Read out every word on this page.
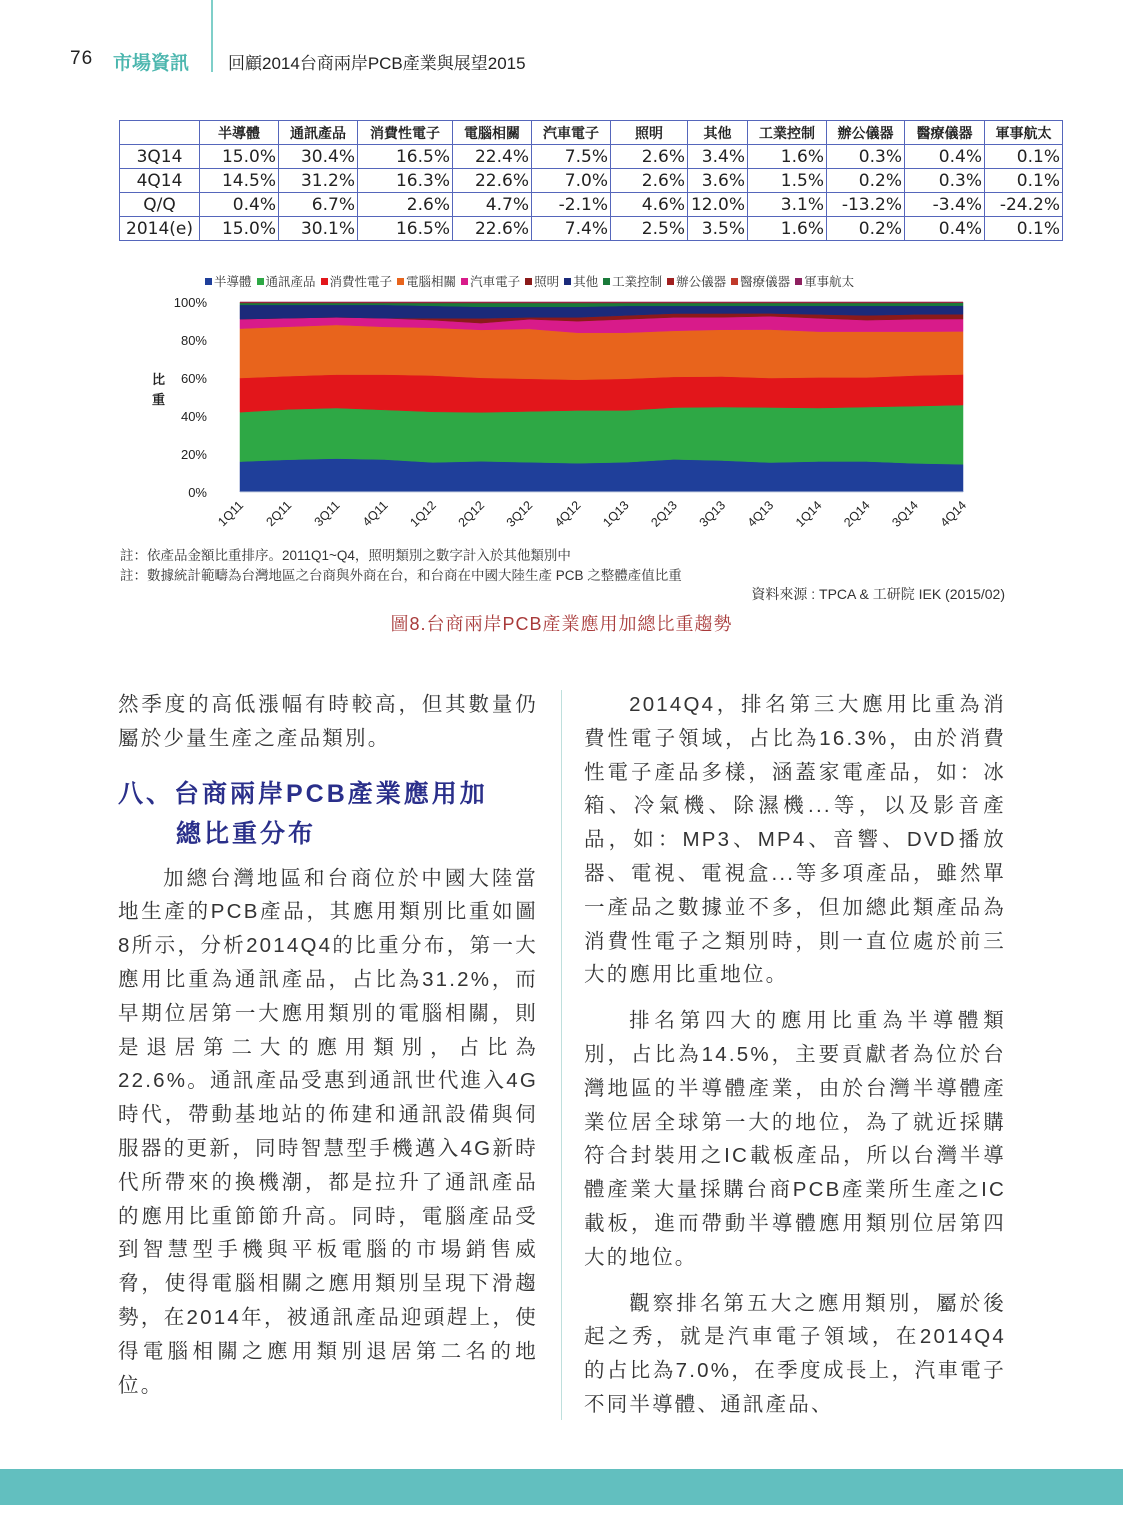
76 市場資訊 回顧2014台商兩岸PCB產業與展望2015
	半導體	通訊產品	消費性電子	電腦相關	汽車電子	照明	其他	工業控制	辦公儀器	醫療儀器	軍事航太
3Q14	15.0%	30.4%	16.5%	22.4%	7.5%	2.6%	3.4%	1.6%	0.3%	0.4%	0.1%
4Q14	14.5%	31.2%	16.3%	22.6%	7.0%	2.6%	3.6%	1.5%	0.2%	0.3%	0.1%
Q/Q	0.4%	6.7%	2.6%	4.7%	-2.1%	4.6%	12.0%	3.1%	-13.2%	-3.4%	-24.2%
2014(e)	15.0%	30.1%	16.5%	22.6%	7.4%	2.5%	3.5%	1.6%	0.2%	0.4%	0.1%
半導體 通訊產品 消費性電子 電腦相關 汽車電子 照明 其他 工業控制 辦公儀器 醫療儀器 軍事航太
比重
0%
20%
40%
60%
80%
100%
1Q11 2Q11 3Q11 4Q11 1Q12 2Q12 3Q12 4Q12 1Q13 2Q13 3Q13 4Q13 1Q14 2Q14 3Q14 4Q14
註：依產品金額比重排序。2011Q1~Q4，照明類別之數字計入於其他類別中
註：數據統計範疇為台灣地區之台商與外商在台，和台商在中國大陸生產 PCB 之整體產值比重
資料來源 : TPCA & 工研院 IEK (2015/02)
圖8.台商兩岸PCB產業應用加總比重趨勢

然季度的高低漲幅有時較高，但其數量仍屬於少量生產之產品類別。

八、台商兩岸PCB產業應用加
總比重分布

加總台灣地區和台商位於中國大陸當地生產的PCB產品，其應用類別比重如圖8所示，分析2014Q4的比重分布，第一大應用比重為通訊產品，占比為31.2%，而早期位居第一大應用類別的電腦相關，則是退居第二大的應用類別，占比為22.6%。通訊產品受惠到通訊世代進入4G時代，帶動基地站的佈建和通訊設備與伺服器的更新，同時智慧型手機邁入4G新時代所帶來的換機潮，都是拉升了通訊產品的應用比重節節升高。同時，電腦產品受到智慧型手機與平板電腦的市場銷售威脅，使得電腦相關之應用類別呈現下滑趨勢，在2014年，被通訊產品迎頭趕上，使得電腦相關之應用類別退居第二名的地位。

2014Q4，排名第三大應用比重為消費性電子領域，占比為16.3%，由於消費性電子產品多樣，涵蓋家電產品，如：冰箱、冷氣機、除濕機...等，以及影音產品，如：MP3、MP4、音響、DVD播放器、電視、電視盒...等多項產品，雖然單一產品之數據並不多，但加總此類產品為消費性電子之類別時，則一直位處於前三大的應用比重地位。

排名第四大的應用比重為半導體類別，占比為14.5%，主要貢獻者為位於台灣地區的半導體產業，由於台灣半導體產業位居全球第一大的地位，為了就近採購符合封裝用之IC載板產品，所以台灣半導體產業大量採購台商PCB產業所生產之IC載板，進而帶動半導體應用類別位居第四大的地位。

觀察排名第五大之應用類別，屬於後起之秀，就是汽車電子領域，在2014Q4的占比為7.0%，在季度成長上，汽車電子不同半導體、通訊產品、
